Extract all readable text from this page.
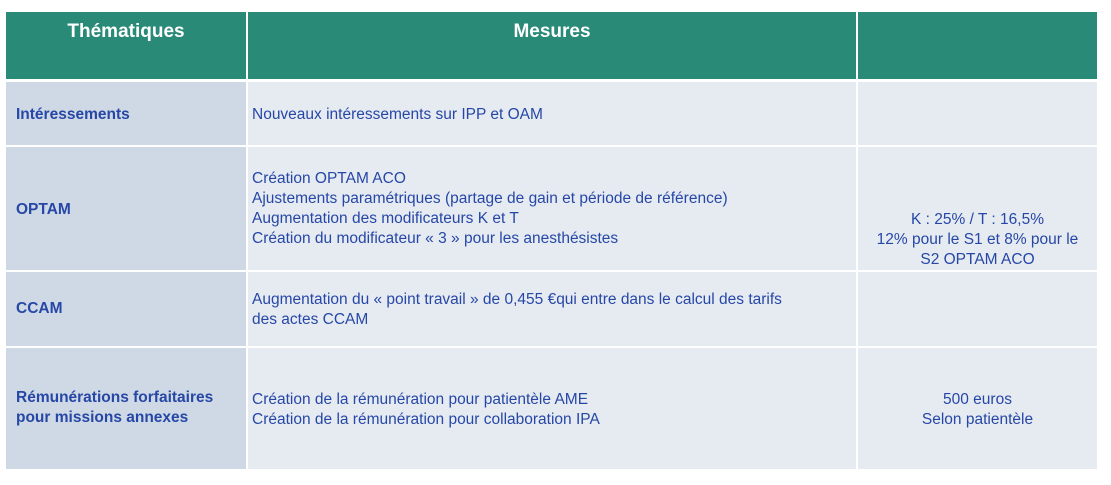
Thématiques	Mesures
Intéressements	Nouveaux intéressements sur IPP et OAM
OPTAM
Création OPTAM ACO
Ajustements paramétriques (partage de gain et période de référence)
Augmentation des modificateurs K et T
Création du modificateur « 3 » pour les anesthésistes
K : 25% / T : 16,5%
12% pour le S1 et 8% pour le
S2 OPTAM ACO
CCAM
Augmentation du « point travail » de 0,455 €qui entre dans le calcul des tarifs
des actes CCAM
Rémunérations forfaitaires
pour missions annexes
Création de la rémunération pour patientèle AME
Création de la rémunération pour collaboration IPA
500 euros
Selon patientèle
